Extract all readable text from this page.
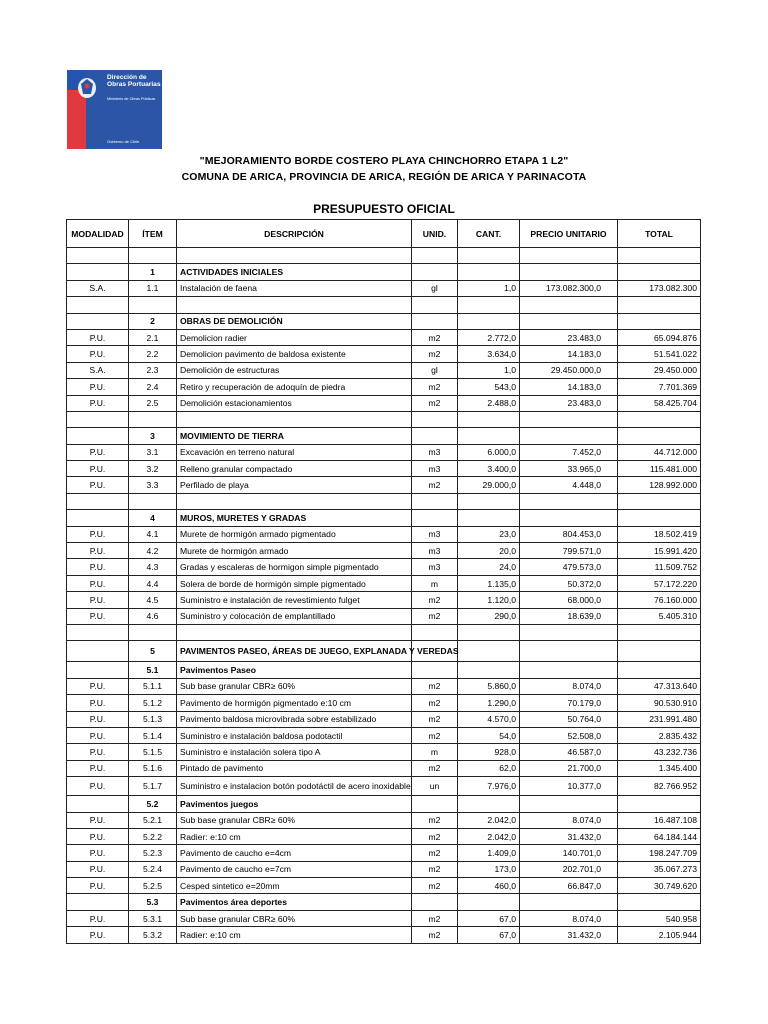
Dirección de Obras Portuarias
Ministerio de Obras Públicas
Gobierno de Chile
"MEJORAMIENTO BORDE COSTERO PLAYA CHINCHORRO ETAPA 1 L2"
COMUNA DE ARICA, PROVINCIA DE ARICA, REGIÓN DE ARICA Y PARINACOTA
PRESUPUESTO OFICIAL
MODALIDAD	ÍTEM	DESCRIPCIÓN	UNID.	CANT.	PRECIO UNITARIO	TOTAL

	1	ACTIVIDADES INICIALES				
S.A.	1.1	Instalación de faena	gl	1,0	173.082.300,0	173.082.300

	2	OBRAS DE DEMOLICIÓN				
P.U.	2.1	Demolicion radier	m2	2.772,0	23.483,0	65.094.876
P.U.	2.2	Demolicion pavimento de baldosa existente	m2	3.634,0	14.183,0	51.541.022
S.A.	2.3	Demolición de estructuras	gl	1,0	29.450.000,0	29.450.000
P.U.	2.4	Retiro y recuperación de adoquín de piedra	m2	543,0	14.183,0	7.701.369
P.U.	2.5	Demolición estacionamientos	m2	2.488,0	23.483,0	58.425.704

	3	MOVIMIENTO DE TIERRA				
P.U.	3.1	Excavación en terreno natural	m3	6.000,0	7.452,0	44.712.000
P.U.	3.2	Relleno granular compactado	m3	3.400,0	33.965,0	115.481.000
P.U.	3.3	Perfilado de playa	m2	29.000,0	4.448,0	128.992.000

	4	MUROS, MURETES Y GRADAS				
P.U.	4.1	Murete de hormigón armado pigmentado	m3	23,0	804.453,0	18.502.419
P.U.	4.2	Murete de hormigón armado	m3	20,0	799.571,0	15.991.420
P.U.	4.3	Gradas y escaleras de hormigon simple pigmentado	m3	24,0	479.573,0	11.509.752
P.U.	4.4	Solera de borde de hormigón simple pigmentado	m	1.135,0	50.372,0	57.172.220
P.U.	4.5	Suministro e instalación de revestimiento fulget	m2	1.120,0	68.000,0	76.160.000
P.U.	4.6	Suministro y colocación de emplantillado	m2	290,0	18.639,0	5.405.310

	5	PAVIMENTOS PASEO, ÁREAS DE JUEGO, EXPLANADA Y VEREDAS				
	5.1	Pavimentos Paseo				
P.U.	5.1.1	Sub base granular CBR≥ 60%	m2	5.860,0	8.074,0	47.313.640
P.U.	5.1.2	Pavimento de hormigón pigmentado e:10 cm	m2	1.290,0	70.179,0	90.530.910
P.U.	5.1.3	Pavimento baldosa microvibrada sobre estabilizado	m2	4.570,0	50.764,0	231.991.480
P.U.	5.1.4	Suministro e instalación baldosa podotactil	m2	54,0	52.508,0	2.835.432
P.U.	5.1.5	Suministro e instalación solera tipo A	m	928,0	46.587,0	43.232.736
P.U.	5.1.6	Pintado de pavimento	m2	62,0	21.700,0	1.345.400
P.U.	5.1.7	Suministro e instalacion botón podotáctil de acero inoxidable	un	7.976,0	10.377,0	82.766.952
	5.2	Pavimentos juegos				
P.U.	5.2.1	Sub base granular CBR≥ 60%	m2	2.042,0	8.074,0	16.487.108
P.U.	5.2.2	Radier: e:10 cm	m2	2.042,0	31.432,0	64.184.144
P.U.	5.2.3	Pavimento de caucho e=4cm	m2	1.409,0	140.701,0	198.247.709
P.U.	5.2.4	Pavimento de caucho e=7cm	m2	173,0	202.701,0	35.067.273
P.U.	5.2.5	Cesped sintetico e=20mm	m2	460,0	66.847,0	30.749.620
	5.3	Pavimentos área deportes				
P.U.	5.3.1	Sub base granular CBR≥ 60%	m2	67,0	8.074,0	540.958
P.U.	5.3.2	Radier: e:10 cm	m2	67,0	31.432,0	2.105.944
